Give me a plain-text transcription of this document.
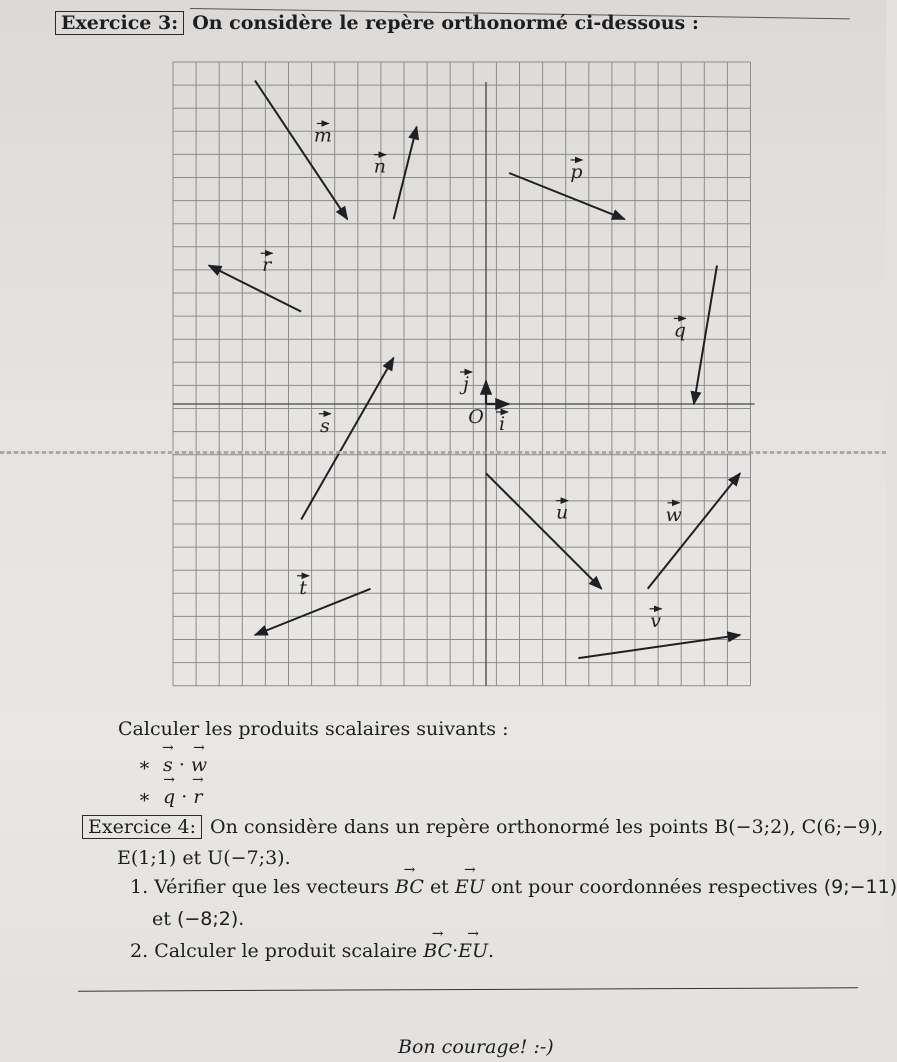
Exercice 3: On considère le repère orthonormé ci-dessous :
O i
j
m
n	p
r
q
s
u	w
t
v
Calculer les produits scalaires suivants :
∗ → s · → w
∗ → q · → r
Exercice 4: On considère dans un repère orthonormé les points B(−3;2), C(6;−9),
E(1;1) et U(−7;3).
1. Vérifier que les vecteurs → BC et → EU ont pour coordonnées respectives (9;−11)
et (−8;2).
2. Calculer le produit scalaire → BC·→ EU.
Bon courage! :-)
